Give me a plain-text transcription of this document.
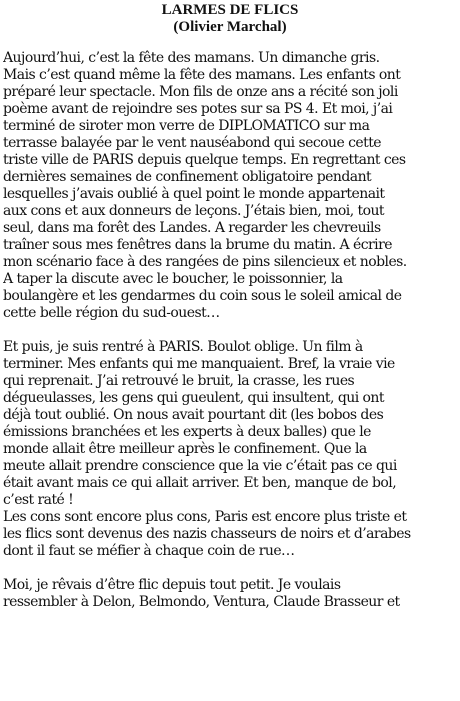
LARMES DE FLICS
(Olivier Marchal)
Aujourd’hui, c’est la fête des mamans. Un dimanche gris.
Mais c’est quand même la fête des mamans. Les enfants ont
préparé leur spectacle. Mon fils de onze ans a récité son joli
poème avant de rejoindre ses potes sur sa PS 4. Et moi, j’ai
terminé de siroter mon verre de DIPLOMATICO sur ma
terrasse balayée par le vent nauséabond qui secoue cette
triste ville de PARIS depuis quelque temps. En regrettant ces
dernières semaines de confinement obligatoire pendant
lesquelles j’avais oublié à quel point le monde appartenait
aux cons et aux donneurs de leçons. J’étais bien, moi, tout
seul, dans ma forêt des Landes. A regarder les chevreuils
traîner sous mes fenêtres dans la brume du matin. A écrire
mon scénario face à des rangées de pins silencieux et nobles.
A taper la discute avec le boucher, le poissonnier, la
boulangère et les gendarmes du coin sous le soleil amical de
cette belle région du sud-ouest…
Et puis, je suis rentré à PARIS. Boulot oblige. Un film à
terminer. Mes enfants qui me manquaient. Bref, la vraie vie
qui reprenait. J’ai retrouvé le bruit, la crasse, les rues
dégueulasses, les gens qui gueulent, qui insultent, qui ont
déjà tout oublié. On nous avait pourtant dit (les bobos des
émissions branchées et les experts à deux balles) que le
monde allait être meilleur après le confinement. Que la
meute allait prendre conscience que la vie c’était pas ce qui
était avant mais ce qui allait arriver. Et ben, manque de bol,
c’est raté !
Les cons sont encore plus cons, Paris est encore plus triste et
les flics sont devenus des nazis chasseurs de noirs et d’arabes
dont il faut se méfier à chaque coin de rue…
Moi, je rêvais d’être flic depuis tout petit. Je voulais
ressembler à Delon, Belmondo, Ventura, Claude Brasseur et
